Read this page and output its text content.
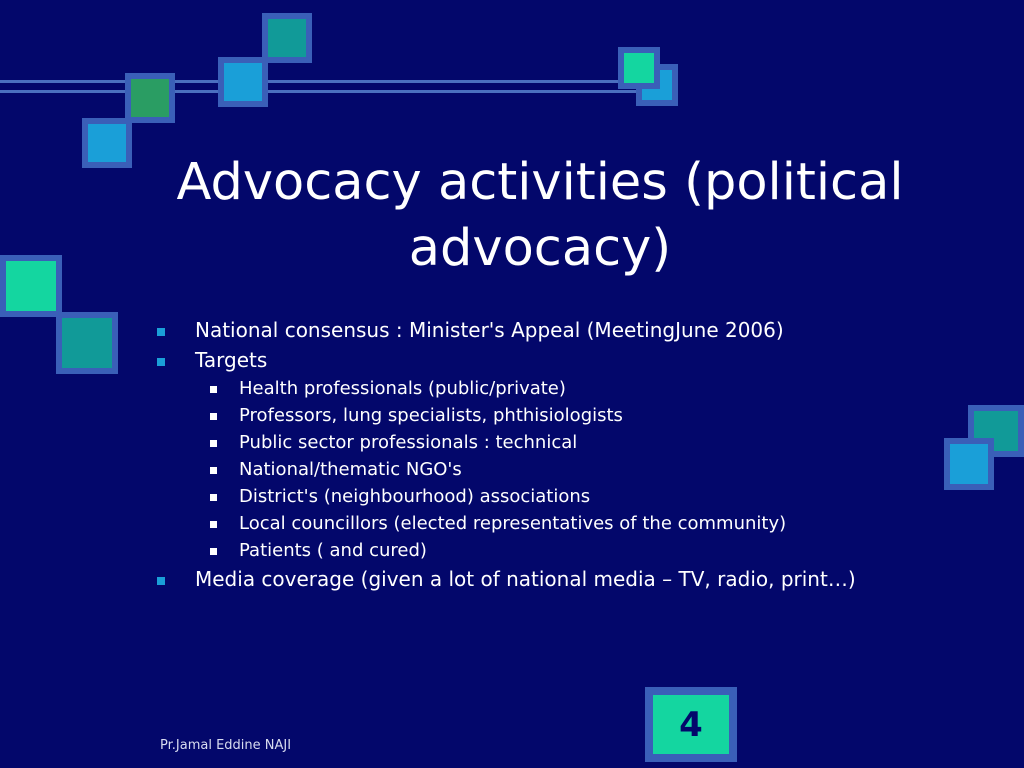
Advocacy activities (political advocacy)
National consensus : Minister's Appeal (MeetingJune 2006)
Targets
Health professionals (public/private)
Professors, lung specialists, phthisiologists
Public sector professionals : technical
National/thematic NGO's
District's (neighbourhood) associations
Local councillors (elected representatives of the community)
Patients ( and cured)
Media coverage (given a lot of national media – TV, radio, print…)
Pr.Jamal Eddine NAJI
4
